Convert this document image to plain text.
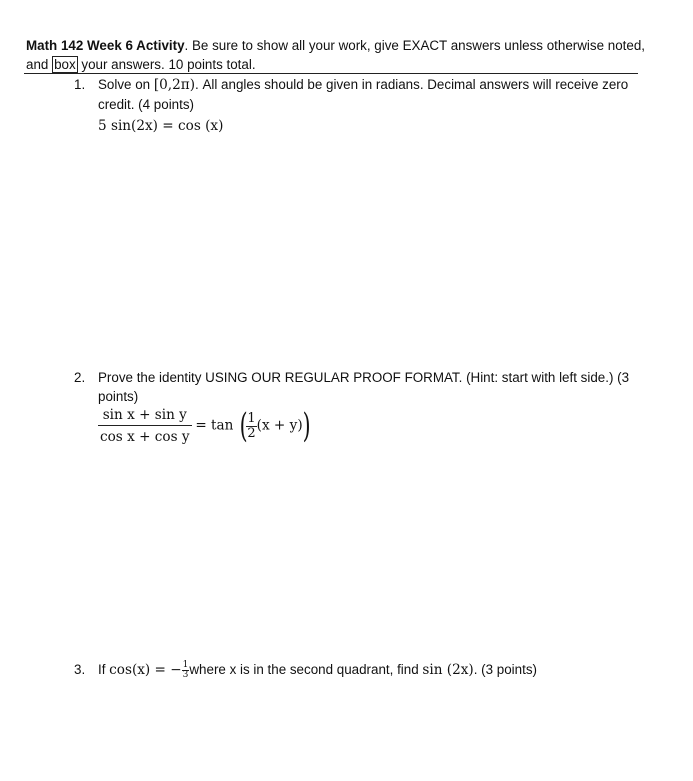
Math 142 Week 6 Activity. Be sure to show all your work, give EXACT answers unless otherwise noted,
and box your answers. 10 points total.
1. Solve on [0,2π). All angles should be given in radians. Decimal answers will receive zero credit. (4 points)
5 sin(2x) = cos (x)
2. Prove the identity USING OUR REGULAR PROOF FORMAT. (Hint: start with left side.) (3 points)
$\frac{\text{sin x + sin y}}{\text{cos x + cos y}} = \tan$ (
$\frac{1}{2} (x + y)$)
3. If cos(x) = − $\frac{1}{3}$ where x is in the second quadrant, find sin (2x). (3 points)
